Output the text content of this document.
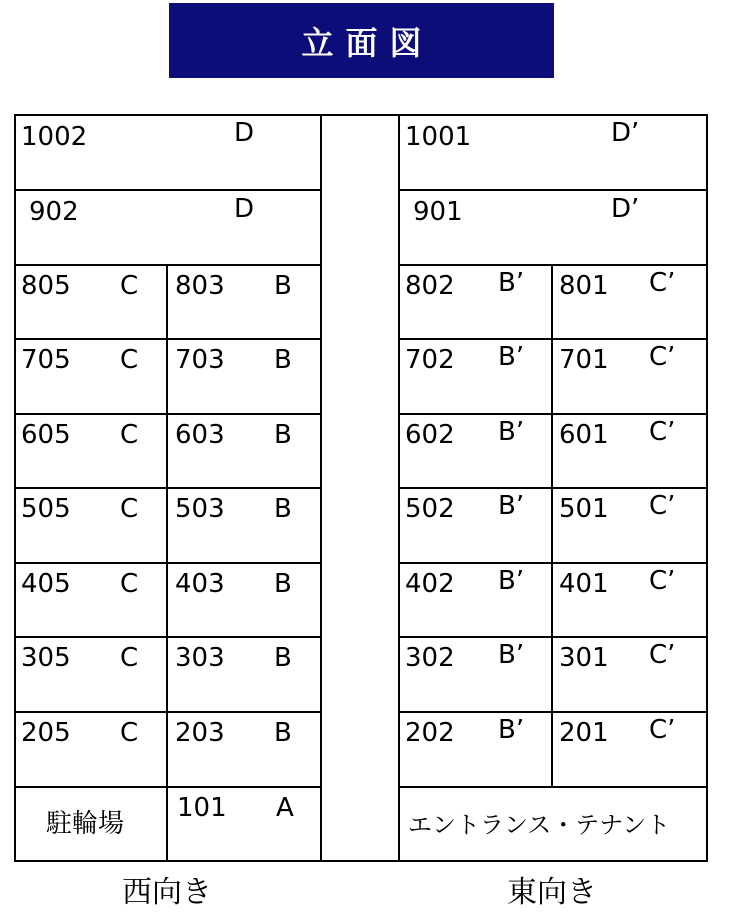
立面図
1002	D
902	D
1001	D’
901	D’
805 C 803 B
705 C 703 B
605 C 603 B
505 C 503 B
405 C 403 B
305 C 303 B
205 C 203 B
802 B’ 801 C’
702 B’ 701 C’
602 B’ 601 C’
502 B’ 501 C’
402 B’ 401 C’
302 B’ 301 C’
202 B’ 201 C’
駐輪場
101 A
エントランス・テナント
西向き	東向き
